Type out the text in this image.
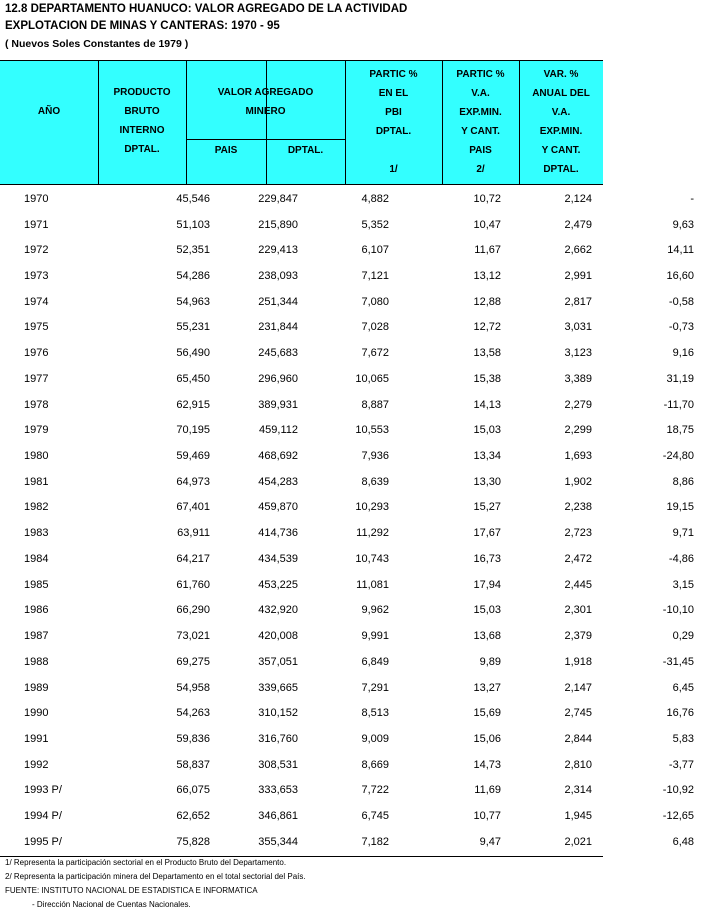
12.8 DEPARTAMENTO HUANUCO: VALOR AGREGADO DE LA ACTIVIDAD
EXPLOTACION DE MINAS Y CANTERAS: 1970 - 95
( Nuevos Soles Constantes de 1979 )
AÑO
PRODUCTO
BRUTO
INTERNO
DPTAL.
VALOR AGREGADO
MINERO
PAIS	DPTAL.
PARTIC %
EN EL
PBI
DPTAL.

1/
PARTIC %
V.A.
EXP.MIN.
Y CANT.
PAIS
2/
VAR. %
ANUAL DEL
V.A.
EXP.MIN.
Y CANT.
DPTAL.
1970	45,546	229,847	4,882	10,72	2,124	-
1971	51,103	215,890	5,352	10,47	2,479	9,63
1972	52,351	229,413	6,107	11,67	2,662	14,11
1973	54,286	238,093	7,121	13,12	2,991	16,60
1974	54,963	251,344	7,080	12,88	2,817	-0,58
1975	55,231	231,844	7,028	12,72	3,031	-0,73
1976	56,490	245,683	7,672	13,58	3,123	9,16
1977	65,450	296,960	10,065	15,38	3,389	31,19
1978	62,915	389,931	8,887	14,13	2,279	-11,70
1979	70,195	459,112	10,553	15,03	2,299	18,75
1980	59,469	468,692	7,936	13,34	1,693	-24,80
1981	64,973	454,283	8,639	13,30	1,902	8,86
1982	67,401	459,870	10,293	15,27	2,238	19,15
1983	63,911	414,736	11,292	17,67	2,723	9,71
1984	64,217	434,539	10,743	16,73	2,472	-4,86
1985	61,760	453,225	11,081	17,94	2,445	3,15
1986	66,290	432,920	9,962	15,03	2,301	-10,10
1987	73,021	420,008	9,991	13,68	2,379	0,29
1988	69,275	357,051	6,849	9,89	1,918	-31,45
1989	54,958	339,665	7,291	13,27	2,147	6,45
1990	54,263	310,152	8,513	15,69	2,745	16,76
1991	59,836	316,760	9,009	15,06	2,844	5,83
1992	58,837	308,531	8,669	14,73	2,810	-3,77
1993 P/	66,075	333,653	7,722	11,69	2,314	-10,92
1994 P/	62,652	346,861	6,745	10,77	1,945	-12,65
1995 P/	75,828	355,344	7,182	9,47	2,021	6,48
1/ Representa la participación sectorial en el Producto Bruto del Departamento.
2/ Representa la participación minera del Departamento en el total sectorial del País.
FUENTE: INSTITUTO NACIONAL DE ESTADISTICA E INFORMATICA
- Dirección Nacional de Cuentas Nacionales.
